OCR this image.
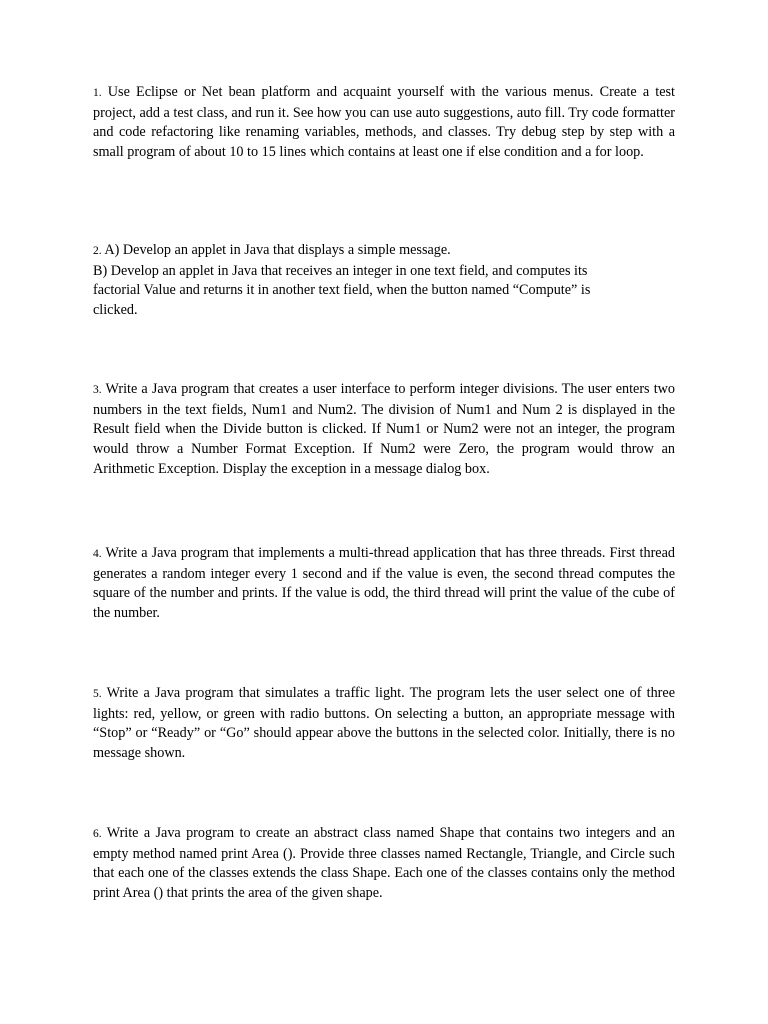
1. Use Eclipse or Net bean platform and acquaint yourself with the various menus. Create a test project, add a test class, and run it. See how you can use auto suggestions, auto fill. Try code formatter and code refactoring like renaming variables, methods, and classes. Try debug step by step with a small program of about 10 to 15 lines which contains at least one if else condition and a for loop.

2. A) Develop an applet in Java that displays a simple message.
B) Develop an applet in Java that receives an integer in one text field, and computes its
factorial Value and returns it in another text field, when the button named “Compute” is
clicked.

3. Write a Java program that creates a user interface to perform integer divisions. The user enters two numbers in the text fields, Num1 and Num2. The division of Num1 and Num 2 is displayed in the Result field when the Divide button is clicked. If Num1 or Num2 were not an integer, the program would throw a Number Format Exception. If Num2 were Zero, the program would throw an Arithmetic Exception. Display the exception in a message dialog box.

4. Write a Java program that implements a multi-thread application that has three threads. First thread generates a random integer every 1 second and if the value is even, the second thread computes the square of the number and prints. If the value is odd, the third thread will print the value of the cube of the number.

5. Write a Java program that simulates a traffic light. The program lets the user select one of three lights: red, yellow, or green with radio buttons. On selecting a button, an appropriate message with “Stop” or “Ready” or “Go” should appear above the buttons in the selected color. Initially, there is no message shown.

6. Write a Java program to create an abstract class named Shape that contains two integers and an empty method named print Area (). Provide three classes named Rectangle, Triangle, and Circle such that each one of the classes extends the class Shape. Each one of the classes contains only the method print Area () that prints the area of the given shape.
